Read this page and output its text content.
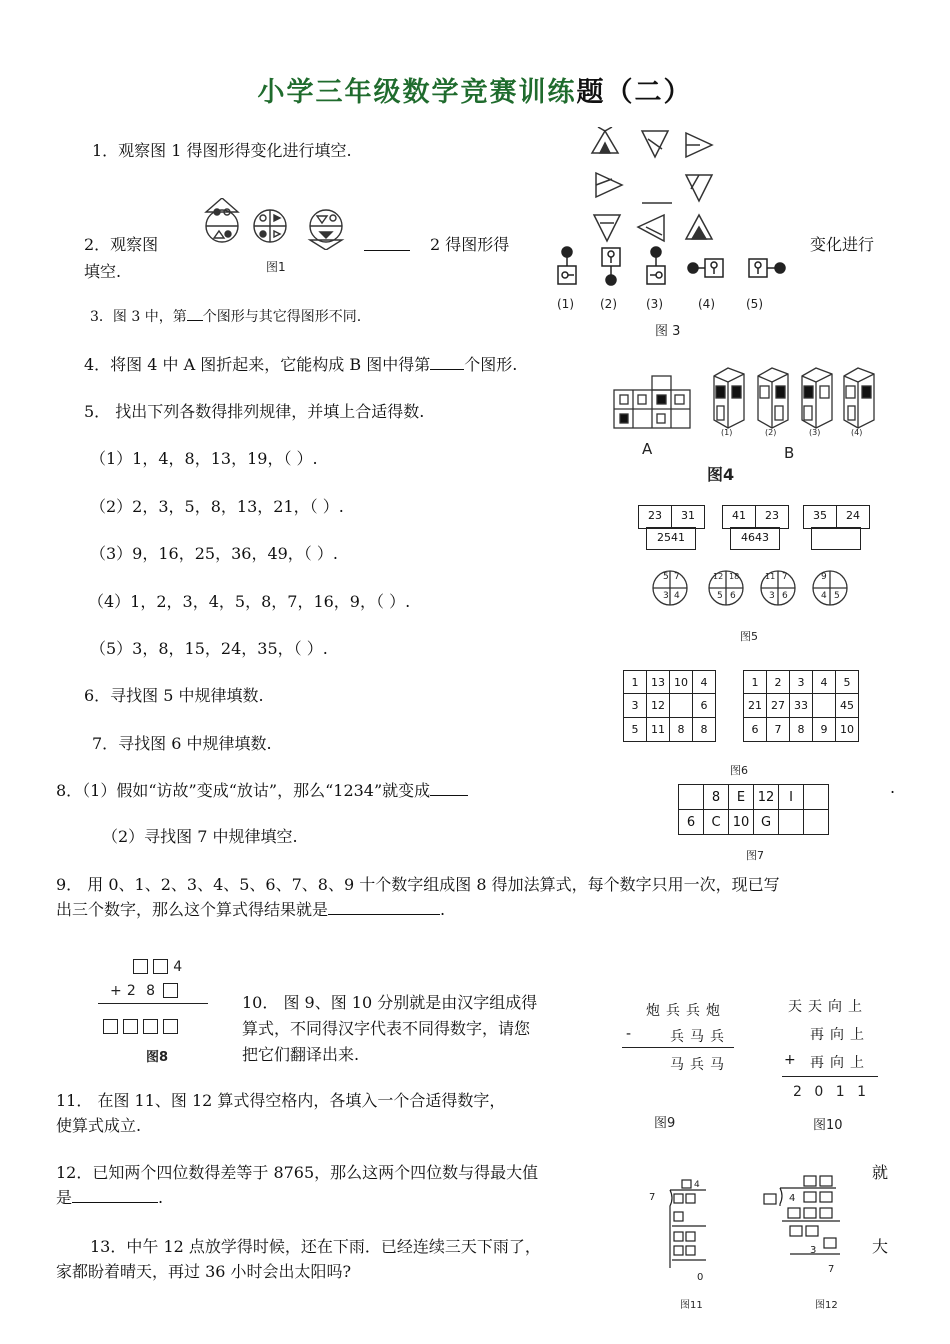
小学三年级数学竞赛训练题（二）
1．观察图 1 得图形得变化进行填空.
2．观察图
图1
2 得图形得	变化进行
填空.
(1) (2) (3)	(4)	(5)
图 3
3．图 3 中，第 个图形与其它得图形不同.
4．将图 4 中 A 图折起来，它能构成 B 图中得第 个图形.
(1)	(2)	(3)	(4)
A	B
图4
5． 找出下列各数得排列规律，并填上合适得数.
（1）1，4，8，13，19，（ ）.
（2）2，3，5，8，13，21，（ ）.
（3）9，16，25，36，49，（ ）.
（4）1，2，3，4，5，8，7，16，9，（ ）.
（5）3，8，15，24，35，（ ）.
23	31
2541
41	23
4643
35	24
5 7
3 4
12 18
5 6
11 7
3 6
9
4 5
图5
6．寻找图 5 中规律填数.
7．寻找图 6 中规律填数.
1	13	10	4
3	12		6
5	11	8	8
1	2	3	4	5
21	27	33		45
6	7	8	9	10
图6
8．（1）假如“访故”变成“放诂”，那么“1234”就变成	.
（2）寻找图 7 中规律填空.
	8	E	12	I	
6	C	10	G		
图7
9． 用 0、1、2、3、4、5、6、7、8、9 十个数字组成图 8 得加法算式，每个数字只用一次，现已写
出三个数字，那么这个算式得结果就是	.
4
+ 2 8

图8
10． 图 9、图 10 分别就是由汉字组成得
算式，不同得汉字代表不同得数字，请您
把它们翻译出来.
炮兵兵炮
- 兵马兵
马兵马
图9
天天向上
再向上
+ 再向上
2 0 1 1
图10
11． 在图 11、图 12 算式得空格内，各填入一个合适得数字，
使算式成立.
12．已知两个四位数得差等于 8765，那么这两个四位数与得最大值	就
是	.
13．中午 12 点放学得时候，还在下雨．已经连续三天下雨了，	大
家都盼着晴天，再过 36 小时会出太阳吗?
7
4
0
图11
4
3
7
图12
